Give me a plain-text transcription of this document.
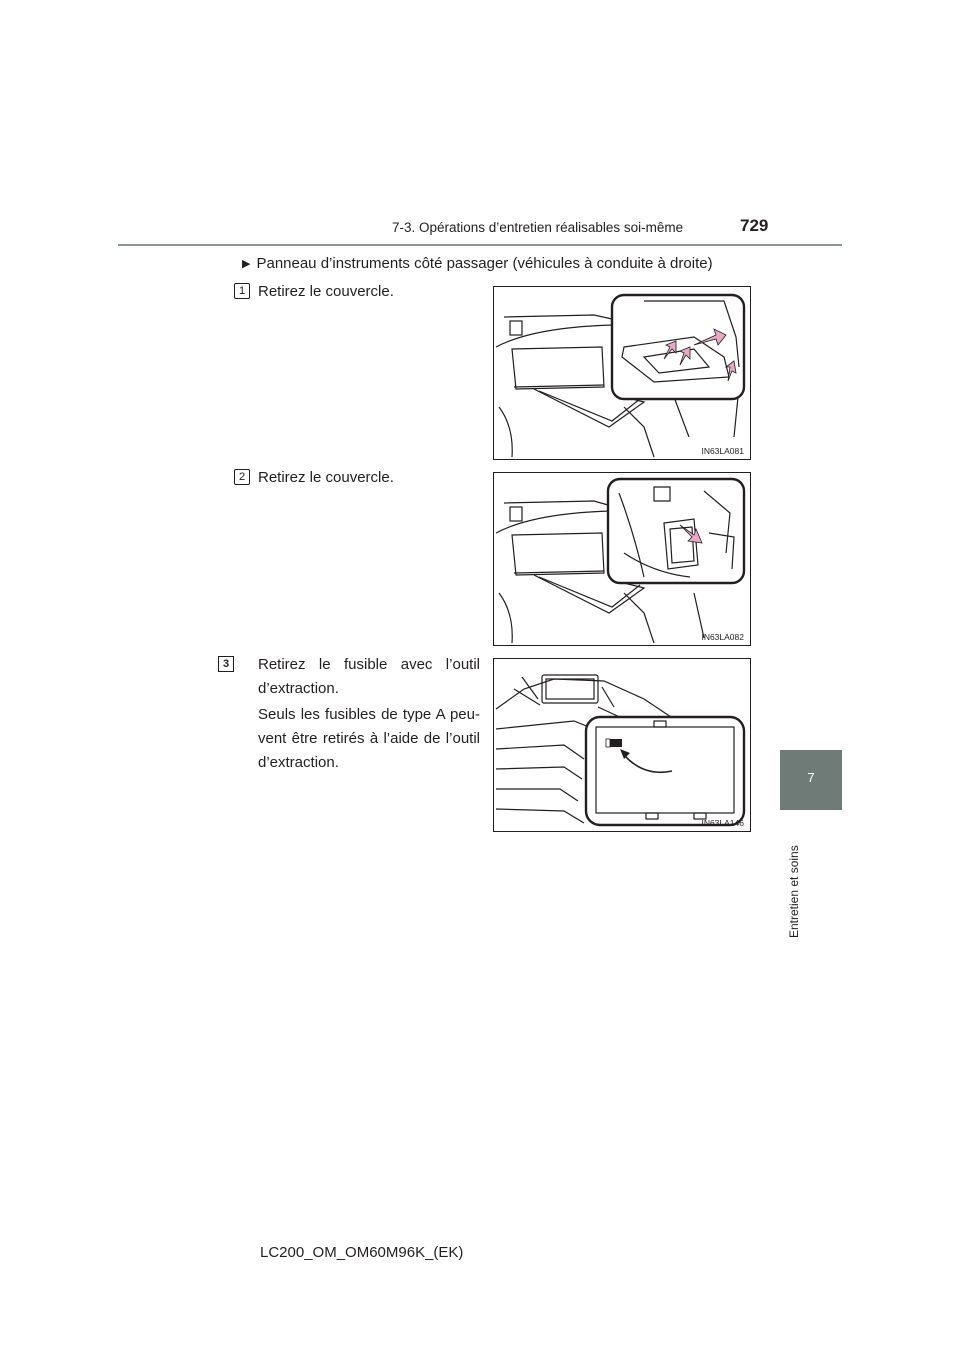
7-3. Opérations d’entretien réalisables soi-même	729
7
Entretien et soins
▶ Panneau d’instruments côté passager (véhicules à conduite à droite)
1 Retirez le couvercle.
IN63LA081
2 Retirez le couvercle.
IN63LA082
3	Retirez le fusible avec l’outil d’extraction.
Seuls les fusibles de type A peu-vent être retirés à l’aide de l’outil d’extraction.
IN63LA146
LC200_OM_OM60M96K_(EK)
